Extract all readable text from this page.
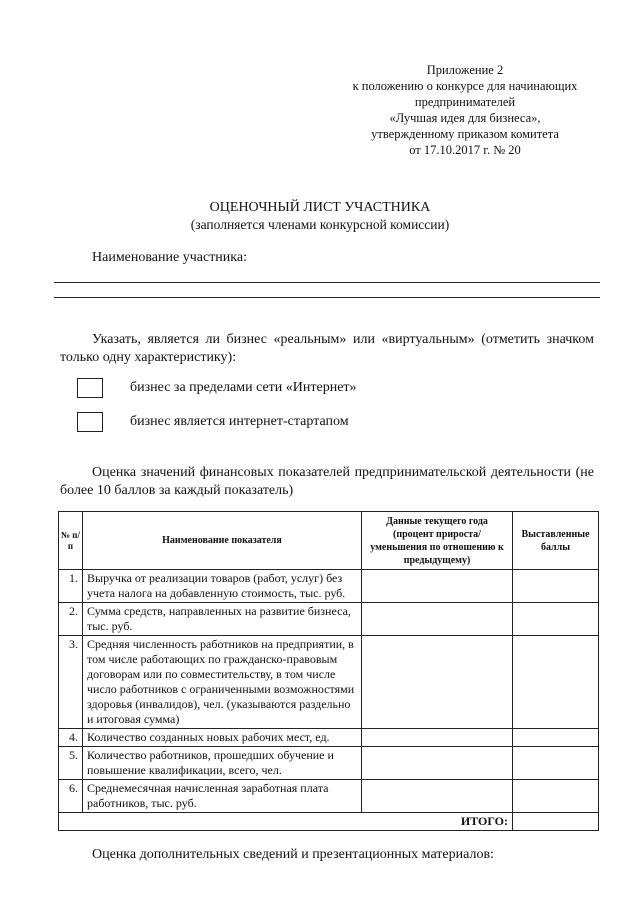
Приложение 2
к положению о конкурсе для начинающих
предпринимателей
«Лучшая идея для бизнеса»,
утвержденному приказом комитета
от 17.10.2017 г. № 20
ОЦЕНОЧНЫЙ ЛИСТ УЧАСТНИКА
(заполняется членами конкурсной комиссии)
Наименование участника:
Указать, является ли бизнес «реальным» или «виртуальным» (отметить значком только одну характеристику):
бизнес за пределами сети «Интернет»
бизнес является интернет-стартапом
Оценка значений финансовых показателей предпринимательской деятельности (не более 10 баллов за каждый показатель)
№ п/п	Наименование показателя	Данные текущего года (процент прироста/уменьшения по отношению к предыдущему)	Выставленные баллы
1.	Выручка от реализации товаров (работ, услуг) без учета налога на добавленную стоимость, тыс. руб.		
2.	Сумма средств, направленных на развитие бизнеса, тыс. руб.		
3.	Средняя численность работников на предприятии, в том числе работающих по гражданско-правовым договорам или по совместительству, в том числе число работников с ограниченными возможностями здоровья (инвалидов), чел. (указываются раздельно и итоговая сумма)		
4.	Количество созданных новых рабочих мест, ед.		
5.	Количество работников, прошедших обучение и повышение квалификации, всего, чел.		
6.	Среднемесячная начисленная заработная плата работников, тыс. руб.		
ИТОГО:			
Оценка дополнительных сведений и презентационных материалов:
